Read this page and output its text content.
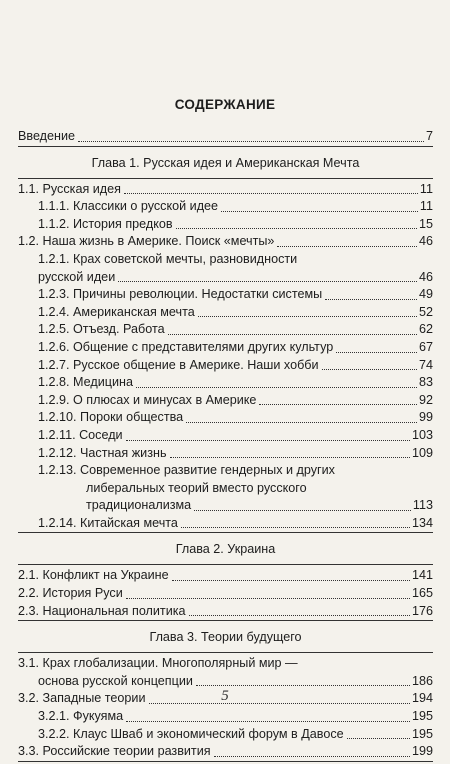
СОДЕРЖАНИЕ
Введение	7
Глава 1. Русская идея и Американская Мечта
1.1. Русская идея	11
1.1.1. Классики о русской идее	11
1.1.2. История предков	15
1.2. Наша жизнь в Америке. Поиск «мечты»	46
1.2.1. Крах советской мечты, разновидности
русской идеи	46
1.2.3. Причины революции. Недостатки системы	49
1.2.4. Американская мечта	52
1.2.5. Отъезд. Работа	62
1.2.6. Общение с представителями других культур	67
1.2.7. Русское общение в Америке. Наши хобби	74
1.2.8. Медицина	83
1.2.9. О плюсах и минусах в Америке	92
1.2.10. Пороки общества	99
1.2.11. Соседи	103
1.2.12. Частная жизнь	109
1.2.13. Современное развитие гендерных и других
либеральных теорий вместо русского
традиционализма	113
1.2.14. Китайская мечта	134
Глава 2. Украина
2.1. Конфликт на Украине	141
2.2. История Руси	165
2.3. Национальная политика	176
Глава 3. Теории будущего
3.1. Крах глобализации. Многополярный мир —
основа русской концепции	186
3.2. Западные теории	194
3.2.1. Фукуяма	195
3.2.2. Клаус Шваб и экономический форум в Давосе	195
3.3. Российские теории развития	199
5
